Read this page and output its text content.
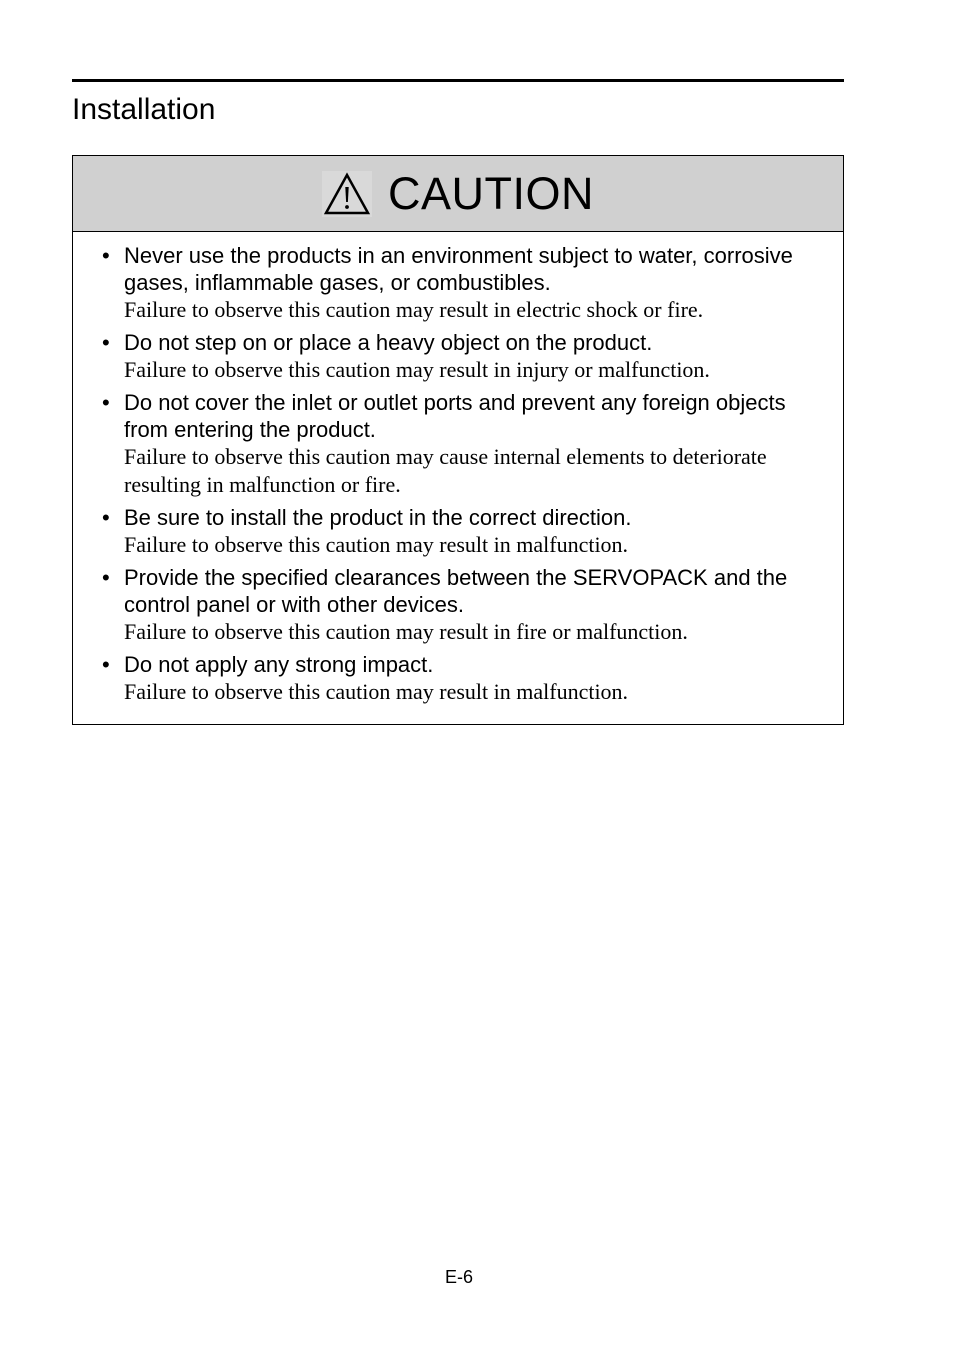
Installation
CAUTION
• Never use the products in an environment subject to water, corrosive gases, inflammable gases, or combustibles.
Failure to observe this caution may result in electric shock or fire.
• Do not step on or place a heavy object on the product.
Failure to observe this caution may result in injury or malfunction.
• Do not cover the inlet or outlet ports and prevent any foreign objects from entering the product.
Failure to observe this caution may cause internal elements to deteriorate resulting in malfunction or fire.
• Be sure to install the product in the correct direction.
Failure to observe this caution may result in malfunction.
• Provide the specified clearances between the SERVOPACK and the control panel or with other devices.
Failure to observe this caution may result in fire or malfunction.
• Do not apply any strong impact.
Failure to observe this caution may result in malfunction.
E-6
